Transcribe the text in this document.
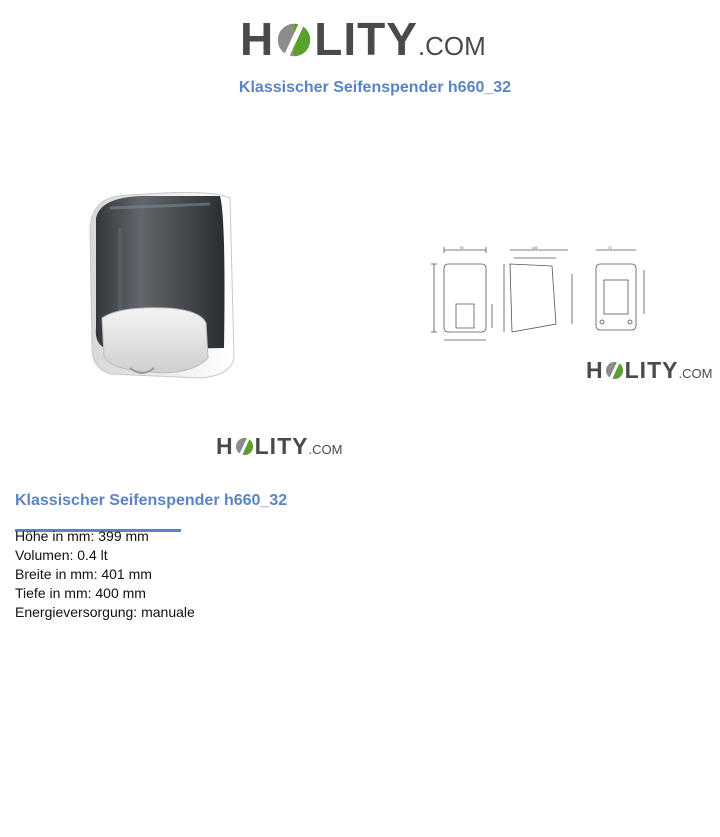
H LITY .COM
Klassischer Seifenspender h660_32
90	145	70
H LITY .COM
H LITY .COM
Klassischer Seifenspender h660_32
Höhe in mm: 399 mm
Volumen: 0.4 lt
Breite in mm: 401 mm
Tiefe in mm: 400 mm
Energieversorgung: manuale
